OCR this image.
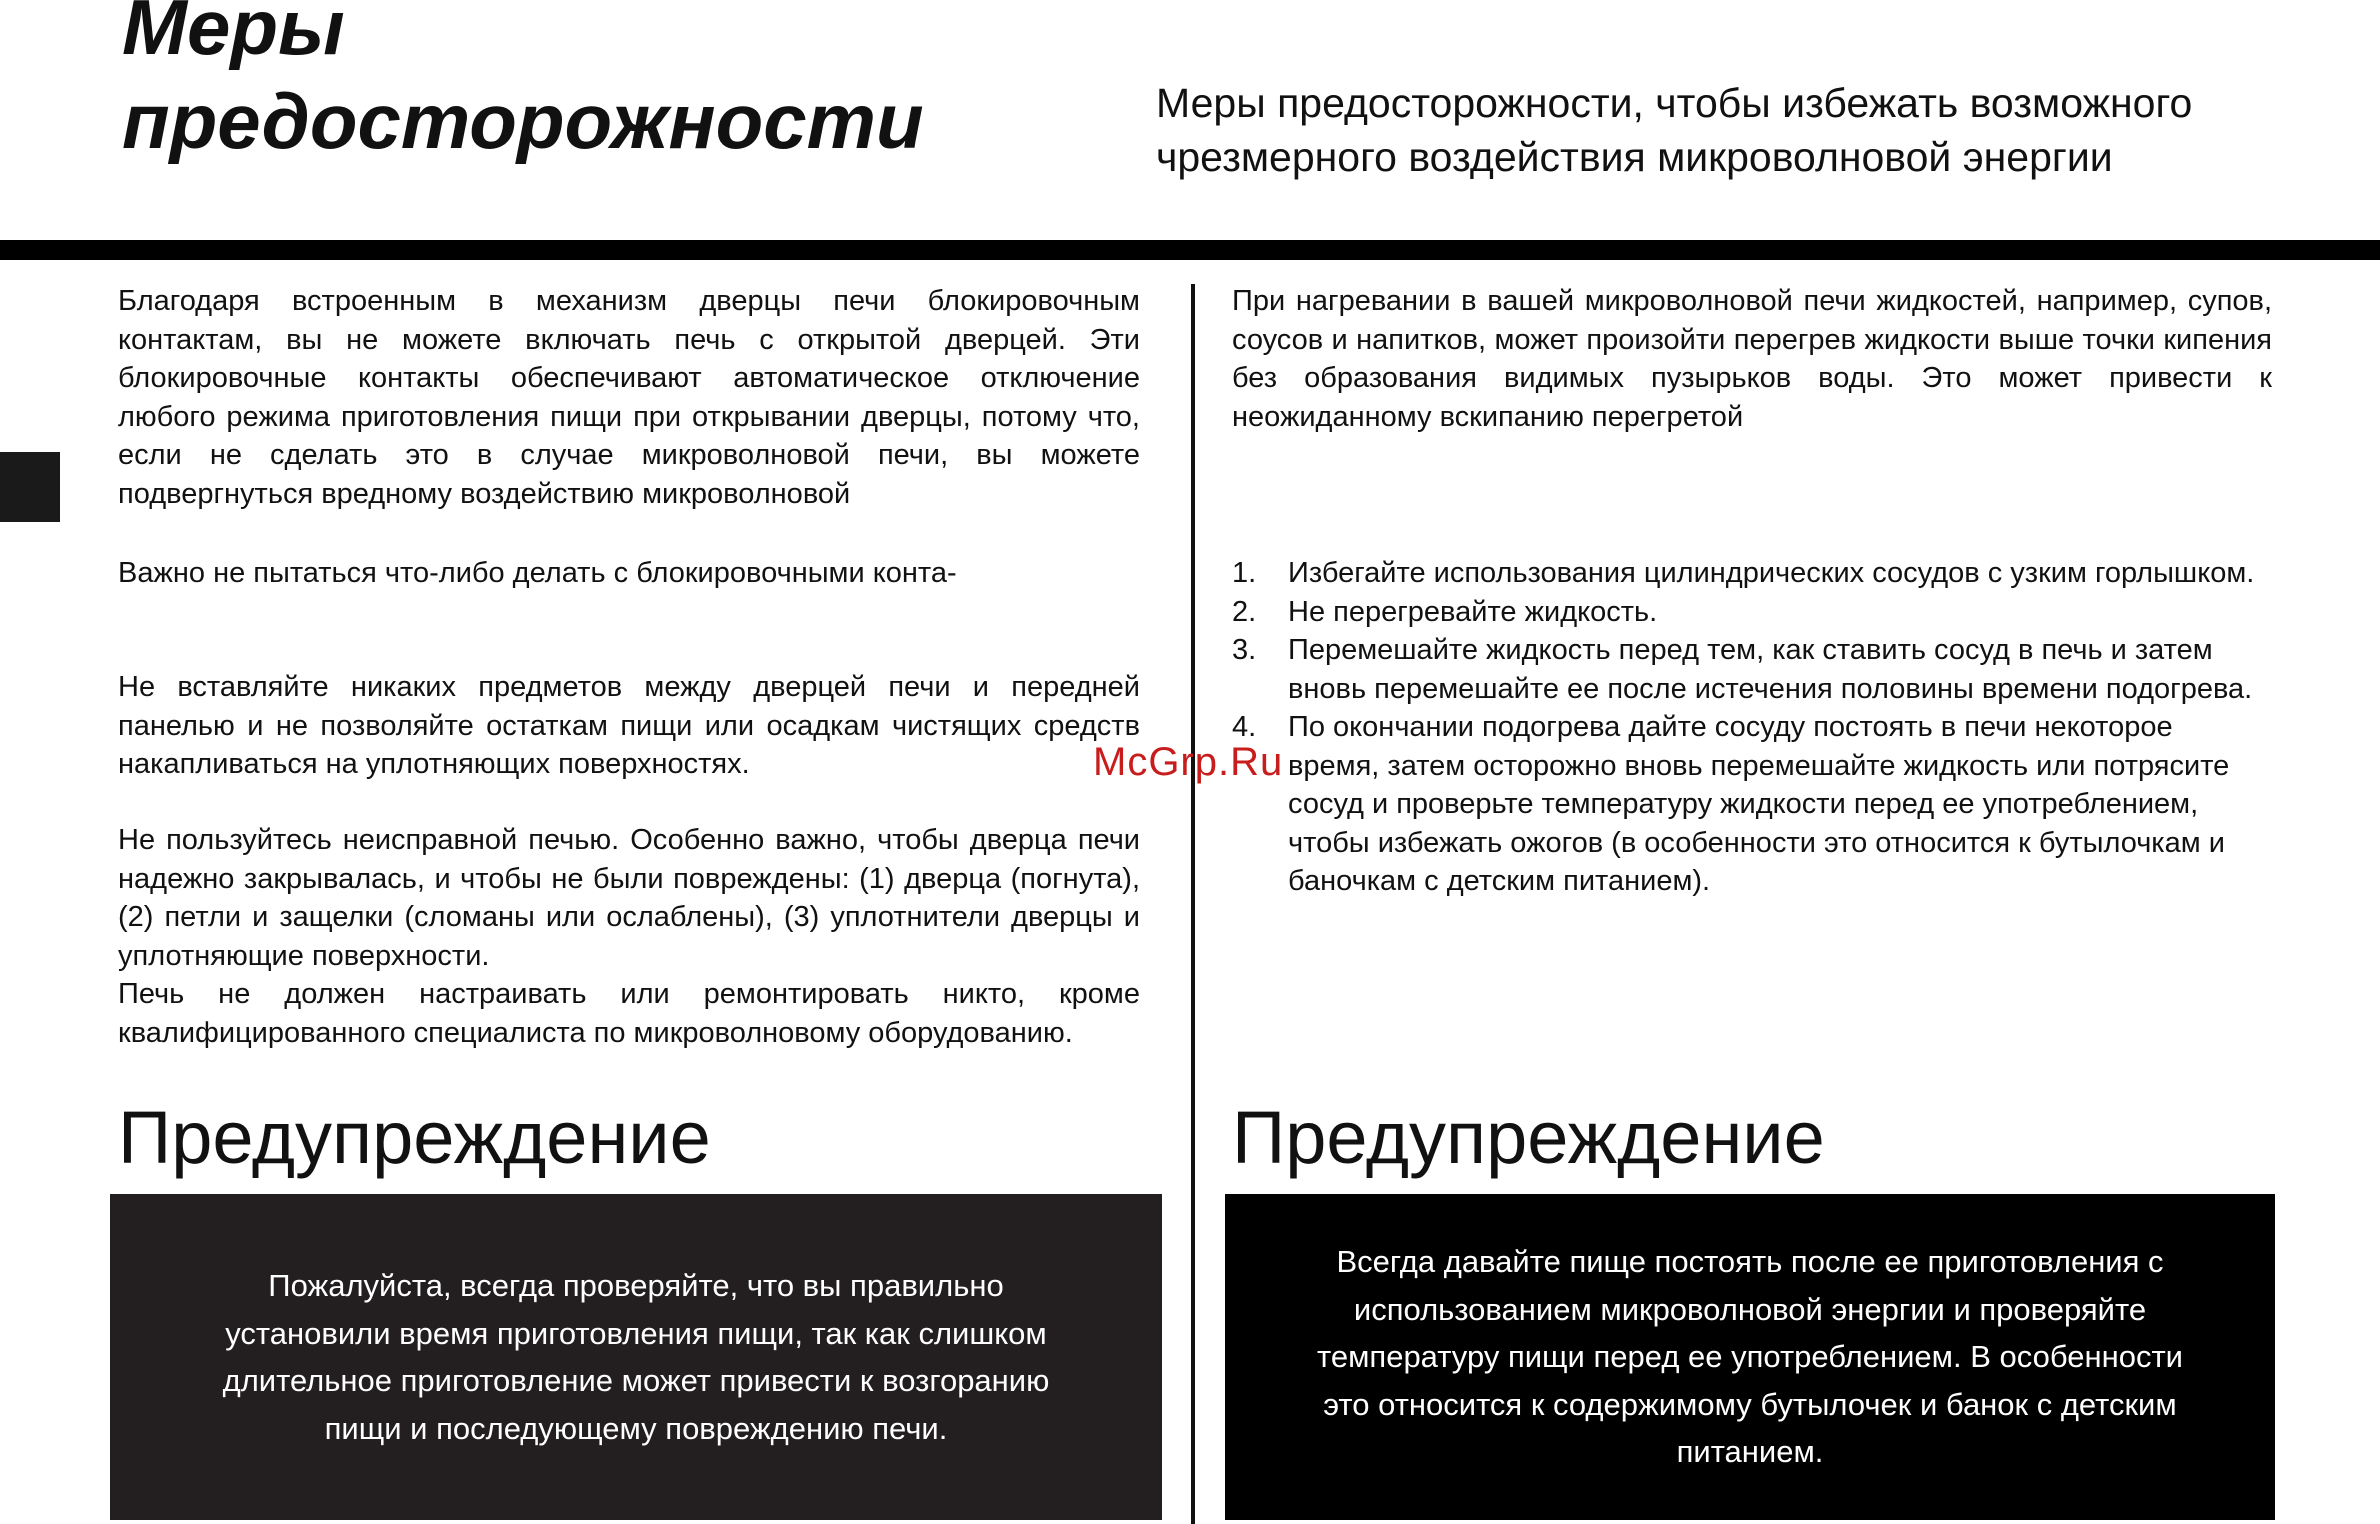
Меры
предосторожности	Меры предосторожности, чтобы избежать возможного чрезмерного воздействия микроволновой энергии

Благодаря встроенным в механизм дверцы печи блокировочным контактам, вы не можете включать печь с открытой дверцей. Эти блокировочные контакты обеспечивают автоматическое отключение любого режима приготовления пищи при открывании дверцы, потому что, если не сделать это в случае микроволновой печи, вы можете подвергнуться вредному воздействию микроволновой

Важно не пытаться что-либо делать с блокировочными конта-

Не вставляйте никаких предметов между дверцей печи и передней панелью и не позволяйте остаткам пищи или осадкам чистящих средств накапливаться на уплотняющих поверхностях.

Не пользуйтесь неисправной печью. Особенно важно, чтобы дверца печи надежно закрывалась, и чтобы не были повреждены: (1) дверца (погнута), (2) петли и защелки (сломаны или ослаблены), (3) уплотнители дверцы и уплотняющие поверхности.

Печь не должен настраивать или ремонтировать никто, кроме квалифицированного специалиста по микроволновому оборудованию.

Предупреждение

Пожалуйста, всегда проверяйте, что вы правильно установили время приготовления пищи, так как слишком длительное приготовление может привести к возгоранию пищи и последующему повреждению печи.

При нагревании в вашей микроволновой печи жидкостей, например, супов, соусов и напитков, может произойти перегрев жидкости выше точки кипения без образования видимых пузырьков воды. Это может привести к неожиданному вскипанию перегретой

1. Избегайте использования цилиндрических сосудов с узким горлышком.
2. Не перегревайте жидкость.
3. Перемешайте жидкость перед тем, как ставить сосуд в печь и затем вновь перемешайте ее после истечения половины времени подогрева.
4. По окончании подогрева дайте сосуду постоять в печи некоторое время, затем осторожно вновь перемешайте жидкость или потрясите сосуд и проверьте температуру жидкости перед ее употреблением, чтобы избежать ожогов (в особенности это относится к бутылочкам и баночкам с детским питанием).
Предупреждение

Всегда давайте пище постоять после ее приготовления с использованием микроволновой энергии и проверяйте температуру пищи перед ее употреблением. В особенности это относится к содержимому бутылочек и банок с детским питанием.

McGrp.Ru
